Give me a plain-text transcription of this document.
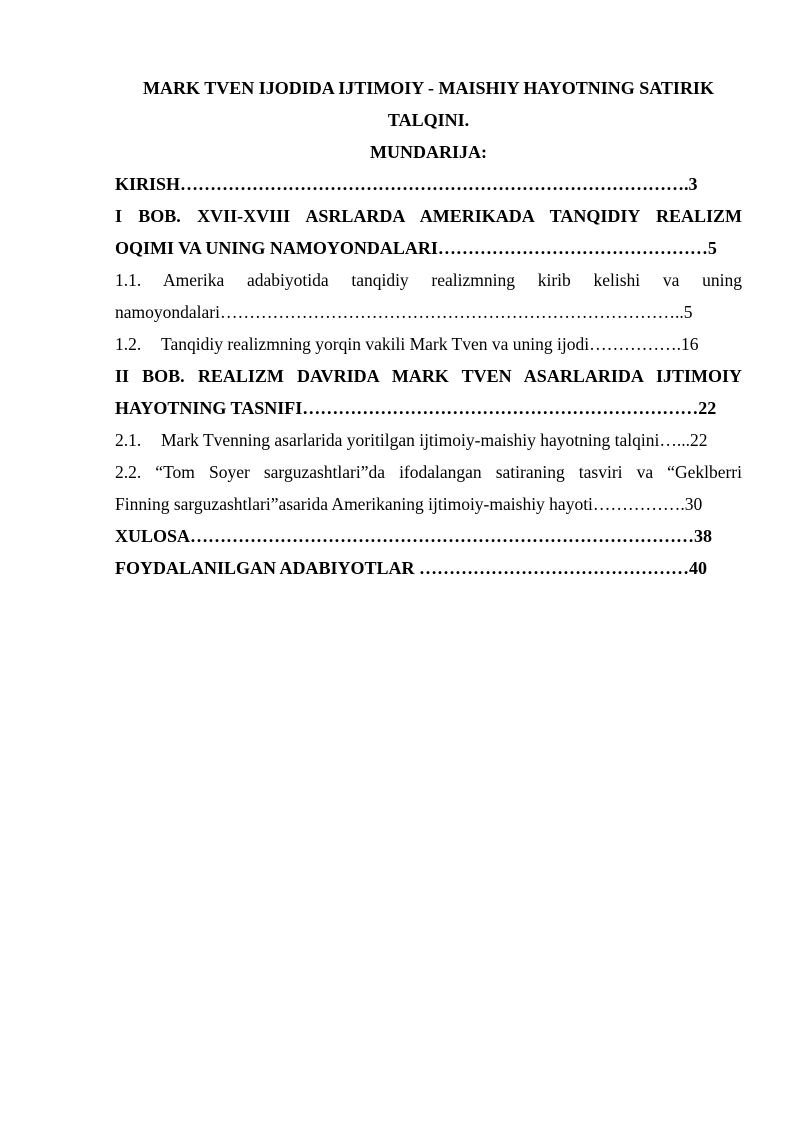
MARK TVEN IJODIDA IJTIMOIY - MAISHIY HAYOTNING SATIRIK

TALQINI.

MUNDARIJA:

KIRISH………………………………………………………………………….3

I BOB. XVII-XVIII ASRLARDA AMERIKADA TANQIDIY REALIZM

OQIMI VA UNING NAMOYONDALARI………………………………………5

1.1. Amerika adabiyotida tanqidiy realizmning kirib kelishi va uning

namoyondalari……………………………………………………………………..5

1.2. Tanqidiy realizmning yorqin vakili Mark Tven va uning ijodi…………….16

II BOB. REALIZM DAVRIDA MARK TVEN ASARLARIDA IJTIMOIY

HAYOTNING TASNIFI…………………………………………………………22

2.1. Mark Tvenning asarlarida yoritilgan ijtimoiy-maishiy hayotning talqini…...22

2.2. “Tom Soyer sarguzashtlari”da ifodalangan satiraning tasviri va “Geklberri

Finning sarguzashtlari”asarida Amerikaning ijtimoiy-maishiy hayoti…………….30

XULOSA…………………………………………………………………………38

FOYDALANILGAN ADABIYOTLAR ………………………………………40
